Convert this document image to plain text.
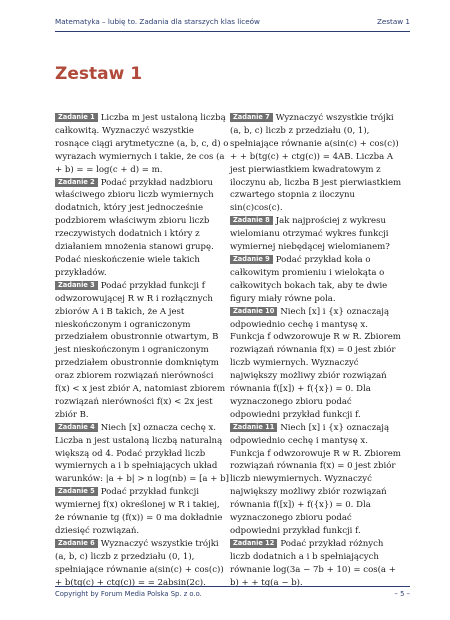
Matematyka – lubię to. Zadania dla starszych klas liceów	Zestaw 1
Zestaw 1

Zadanie 1 Liczba m jest ustaloną liczbą całkowitą. Wyznaczyć wszystkie rosnące ciągi arytmetyczne (a, b, c, d) o wyrazach wymiernych i takie, że cos (a + b) = = log(c + d) = m.

Zadanie 2 Podać przykład nadzbioru właściwego zbioru liczb wymiernych dodatnich, który jest jednocześnie podzbiorem właściwym zbioru liczb rzeczywistych dodatnich i który z działaniem mnożenia stanowi grupę. Podać nieskończenie wiele takich przykładów.

Zadanie 3 Podać przykład funkcji f odwzorowującej R w R i rozłącznych zbiorów A i B takich, że A jest nieskończonym i ograniczonym przedziałem obustronnie otwartym, B jest nieskończonym i ograniczonym przedziałem obustronnie domkniętym oraz zbiorem rozwiązań nierówności f(x) < x jest zbiór A, natomiast zbiorem rozwiązań nierówności f(x) < 2x jest zbiór B.

Zadanie 4 Niech [x] oznacza cechę x. Liczba n jest ustaloną liczbą naturalną większą od 4. Podać przykład liczb wymiernych a i b spełniających układ warunków: |a + b| > n log(nb) = [a + b]

Zadanie 5 Podać przykład funkcji wymiernej f(x) określonej w R i takiej, że równanie tg (f(x)) = 0 ma dokładnie dziesięć rozwiązań.

Zadanie 6 Wyznaczyć wszystkie trójki (a, b, c) liczb z przedziału (0, 1), spełniające równanie a(sin(c) + cos(c)) + b(tg(c) + ctg(c)) = = 2absin(2c).

Zadanie 7 Wyznaczyć wszystkie trójki (a, b, c) liczb z przedziału (0, 1), spełniające równanie a(sin(c) + cos(c)) + + b(tg(c) + ctg(c)) = 4AB. Liczba A jest pierwiastkiem kwadratowym z iloczynu ab, liczba B jest pierwiastkiem czwartego stopnia z iloczynu sin(c)cos(c).

Zadanie 8 Jak najprościej z wykresu wielomianu otrzymać wykres funkcji wymiernej niebędącej wielomianem?

Zadanie 9 Podać przykład koła o całkowitym promieniu i wielokąta o całkowitych bokach tak, aby te dwie figury miały równe pola.

Zadanie 10 Niech [x] i {x} oznaczają odpowiednio cechę i mantysę x. Funkcja f odwzorowuje R w R. Zbiorem rozwiązań równania f(x) = 0 jest zbiór liczb wymiernych. Wyznaczyć największy możliwy zbiór rozwiązań równania f([x]) + f({x}) = 0. Dla wyznaczonego zbioru podać odpowiedni przykład funkcji f.

Zadanie 11 Niech [x] i {x} oznaczają odpowiednio cechę i mantysę x. Funkcja f odwzorowuje R w R. Zbiorem rozwiązań równania f(x) = 0 jest zbiór liczb niewymiernych. Wyznaczyć największy możliwy zbiór rozwiązań równania f([x]) + f({x}) = 0. Dla wyznaczonego zbioru podać odpowiedni przykład funkcji f.

Zadanie 12 Podać przykład różnych liczb dodatnich a i b spełniających równanie log(3a − 7b + 10) = cos(a + b) + + tg(a − b).

Copyright by Forum Media Polska Sp. z o.o.	– 5 –
